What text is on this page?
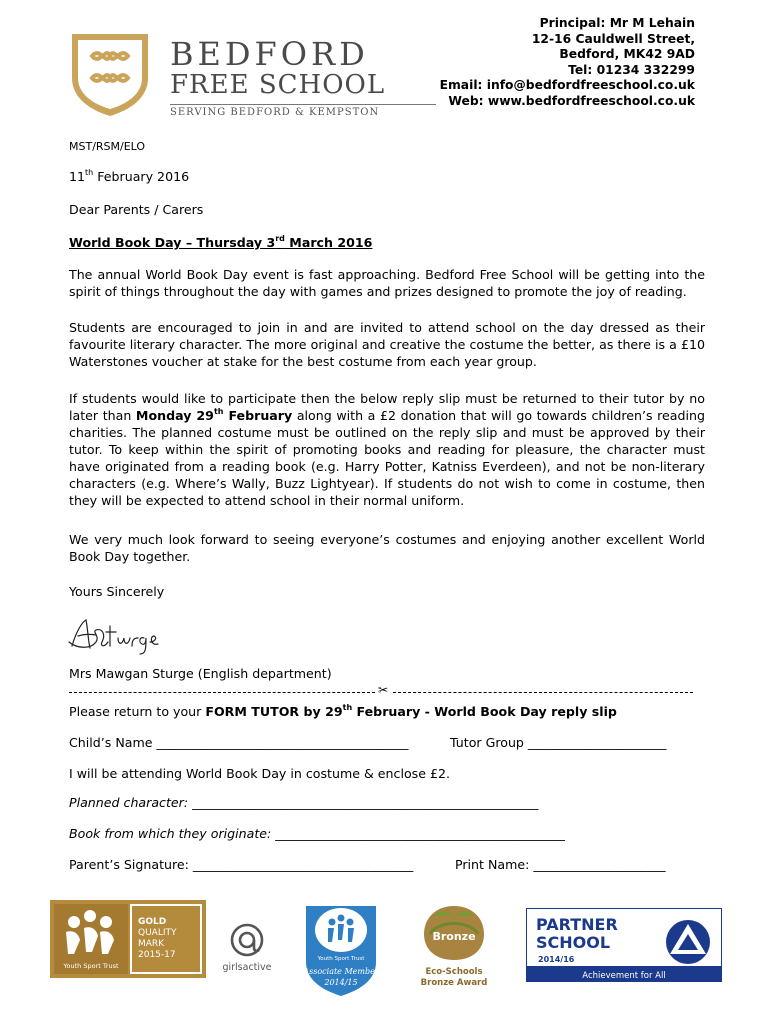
BEDFORD
FREE SCHOOL
SERVING BEDFORD & KEMPSTON
Principal: Mr M Lehain
12-16 Cauldwell Street,
Bedford, MK42 9AD
Tel: 01234 332299
Email: info@bedfordfreeschool.co.uk
Web: www.bedfordfreeschool.co.uk
MST/RSM/ELO
11th February 2016
Dear Parents / Carers
World Book Day – Thursday 3rd March 2016

The annual World Book Day event is fast approaching. Bedford Free School will be getting into the spirit of things throughout the day with games and prizes designed to promote the joy of reading.

Students are encouraged to join in and are invited to attend school on the day dressed as their favourite literary character. The more original and creative the costume the better, as there is a £10 Waterstones voucher at stake for the best costume from each year group.

If students would like to participate then the below reply slip must be returned to their tutor by no later than Monday 29th February along with a £2 donation that will go towards children’s reading charities. The planned costume must be outlined on the reply slip and must be approved by their tutor. To keep within the spirit of promoting books and reading for pleasure, the character must have originated from a reading book (e.g. Harry Potter, Katniss Everdeen), and not be non-literary characters (e.g. Where’s Wally, Buzz Lightyear). If students do not wish to come in costume, then they will be expected to attend school in their normal uniform.

We very much look forward to seeing everyone’s costumes and enjoying another excellent World Book Day together.

Yours Sincerely
Mrs Mawgan Sturge (English department)
✂
Please return to your FORM TUTOR by 29th February - World Book Day reply slip
Child’s Name ________________________________________	Tutor Group ______________________
I will be attending World Book Day in costume & enclose £2.
Planned character: _______________________________________________________
Book from which they originate: ______________________________________________
Parent’s Signature: ___________________________________	Print Name: _____________________
Youth Sport Trust
GOLD
QUALITY
MARK
2015-17
girlsactive
Youth Sport Trust
Associate Member
2014/15
Bronze
Eco-Schools
Bronze Award
PARTNER
SCHOOL
2014/16
Achievement for All
